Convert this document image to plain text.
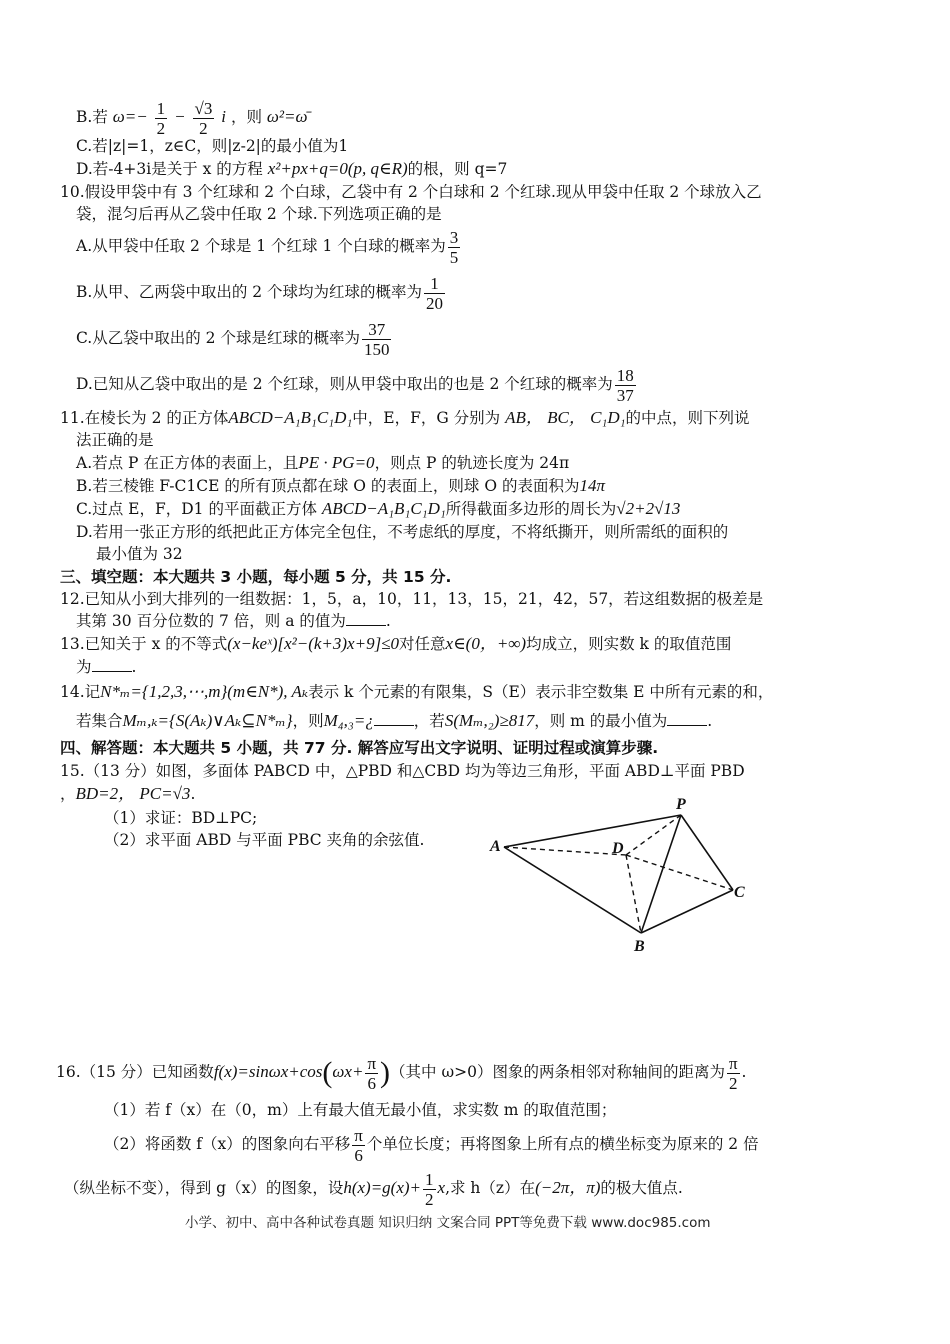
B.若 $\omega=- \frac{1}{2} - \frac{√3}{2}$ i ，则 ω²=ω̄
C.若|z|=1，z∈C，则|z-2|的最小值为1
D.若-4+3i是关于 x 的方程 x²+px+q=0(p, q∈R)的根，则 q=7
10.假设甲袋中有 3 个红球和 2 个白球，乙袋中有 2 个白球和 2 个红球.现从甲袋中任取 2 个球放入乙
袋，混匀后再从乙袋中任取 2 个球.下列选项正确的是
A.从甲袋中任取 2 个球是 1 个红球 1 个白球的概率为 $\frac{3}{5}$
B.从甲、乙两袋中取出的 2 个球均为红球的概率为 $\frac{1}{20}$
C.从乙袋中取出的 2 个球是红球的概率为 $\frac{37}{150}$
D.已知从乙袋中取出的是 2 个红球，则从甲袋中取出的也是 2 个红球的概率为 $\frac{18}{37}$
11.在棱长为 2 的正方体ABCD−A₁B₁C₁D₁中，E，F，G 分别为 AB， BC， C₁D₁的中点，则下列说
法正确的是
A.若点 P 在正方体的表面上，且PE · PG=0，则点 P 的轨迹长度为 24π
B.若三棱锥 F-C1CE 的所有顶点都在球 O 的表面上，则球 O 的表面积为14π
C.过点 E，F，D1 的平面截正方体 ABCD−A₁B₁C₁D₁所得截面多边形的周长为√2+2√13
D.若用一张正方形的纸把此正方体完全包住，不考虑纸的厚度，不将纸撕开，则所需纸的面积的
最小值为 32
三、填空题：本大题共 3 小题，每小题 5 分，共 15 分.
12.已知从小到大排列的一组数据：1，5，a，10，11，13，15，21，42，57，若这组数据的极差是
其第 30 百分位数的 7 倍，则 a 的值为	.
13.已知关于 x 的不等式(x−keˣ)[x²−(k+3)x+9]≤0对任意x∈(0，+∞)均成立，则实数 k 的取值范围
为	.
14.记N*ₘ={1,2,3,⋯,m}(m∈N*), Aₖ表示 k 个元素的有限集，S（E）表示非空数集 E 中所有元素的和，
若集合Mₘ,ₖ={S(Aₖ)∨Aₖ⊆N*ₘ}，则M₄,₃=¿	，若S(Mₘ,₂)≥817，则 m 的最小值为	.
四、解答题：本大题共 5 小题，共 77 分. 解答应写出文字说明、证明过程或演算步骤.
15.（13 分）如图，多面体 PABCD 中，△PBD 和△CBD 均为等边三角形，平面 ABD⊥平面 PBD
，BD=2， PC=√3.
（1）求证：BD⊥PC;
（2）求平面 ABD 与平面 PBC 夹角的余弦值.	A	D
P
C
B
16.（15 分）已知函数$f(x)=\sin\omega x+\cos(\omega x+ \frac{\pi}{6}$ )（其中 ω>0）图象的两条相邻对称轴间的距离为 $\frac{\pi}{2}$ .
（1）若 f（x）在（0，m）上有最大值无最小值，求实数 m 的取值范围；
（2）将函数 f（x）的图象向右平移 $\frac{\pi}{6}$ 个单位长度；再将图象上所有点的横坐标变为原来的 2 倍
（纵坐标不变），得到 g（x）的图象，设$h(x)=g(x)+ \frac{1}{2} x$,求 h（z）在(−2π，π)的极大值点.
小学、初中、高中各种试卷真题 知识归纳 文案合同 PPT等免费下载 www.doc985.com
